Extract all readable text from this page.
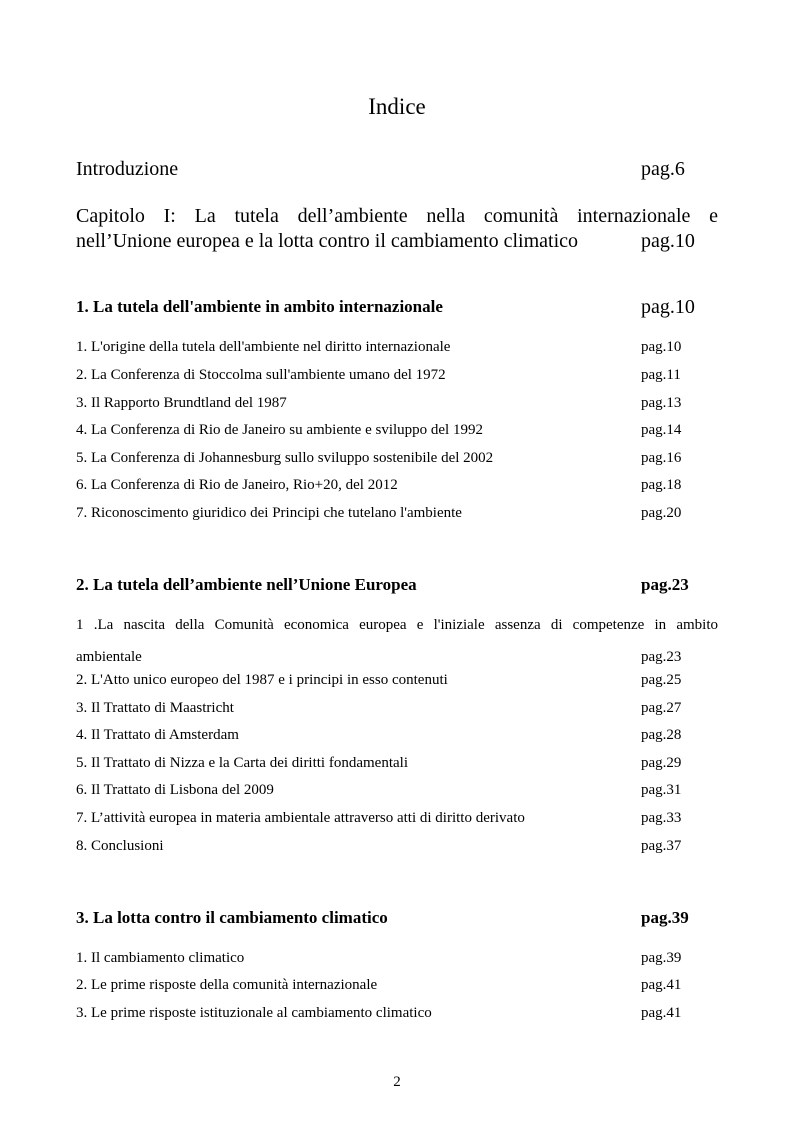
Indice
Introduzione	pag.6
Capitolo I: La tutela dell’ambiente nella comunità internazionale e
nell’Unione europea e la lotta contro il cambiamento climatico	pag.10
1. La tutela dell'ambiente in ambito internazionale	pag.10
1. L'origine della tutela dell'ambiente nel diritto internazionale	pag.10
2. La Conferenza di Stoccolma sull'ambiente umano del 1972	pag.11
3. Il Rapporto Brundtland del 1987	pag.13
4. La Conferenza di Rio de Janeiro su ambiente e sviluppo del 1992	pag.14
5. La Conferenza di Johannesburg sullo sviluppo sostenibile del 2002	pag.16
6. La Conferenza di Rio de Janeiro, Rio+20, del 2012	pag.18
7. Riconoscimento giuridico dei Principi che tutelano l'ambiente	pag.20
2. La tutela dell’ambiente nell’Unione Europea	pag.23
1 .La nascita della Comunità economica europea e l'iniziale assenza di competenze in ambito
ambientale	pag.23
2. L'Atto unico europeo del 1987 e i principi in esso contenuti	pag.25
3. Il Trattato di Maastricht	pag.27
4. Il Trattato di Amsterdam	pag.28
5. Il Trattato di Nizza e la Carta dei diritti fondamentali	pag.29
6. Il Trattato di Lisbona del 2009	pag.31
7. L’attività europea in materia ambientale attraverso atti di diritto derivato	pag.33
8. Conclusioni	pag.37
3. La lotta contro il cambiamento climatico	pag.39
1. Il cambiamento climatico	pag.39
2. Le prime risposte della comunità internazionale	pag.41
3. Le prime risposte istituzionale al cambiamento climatico	pag.41
2
